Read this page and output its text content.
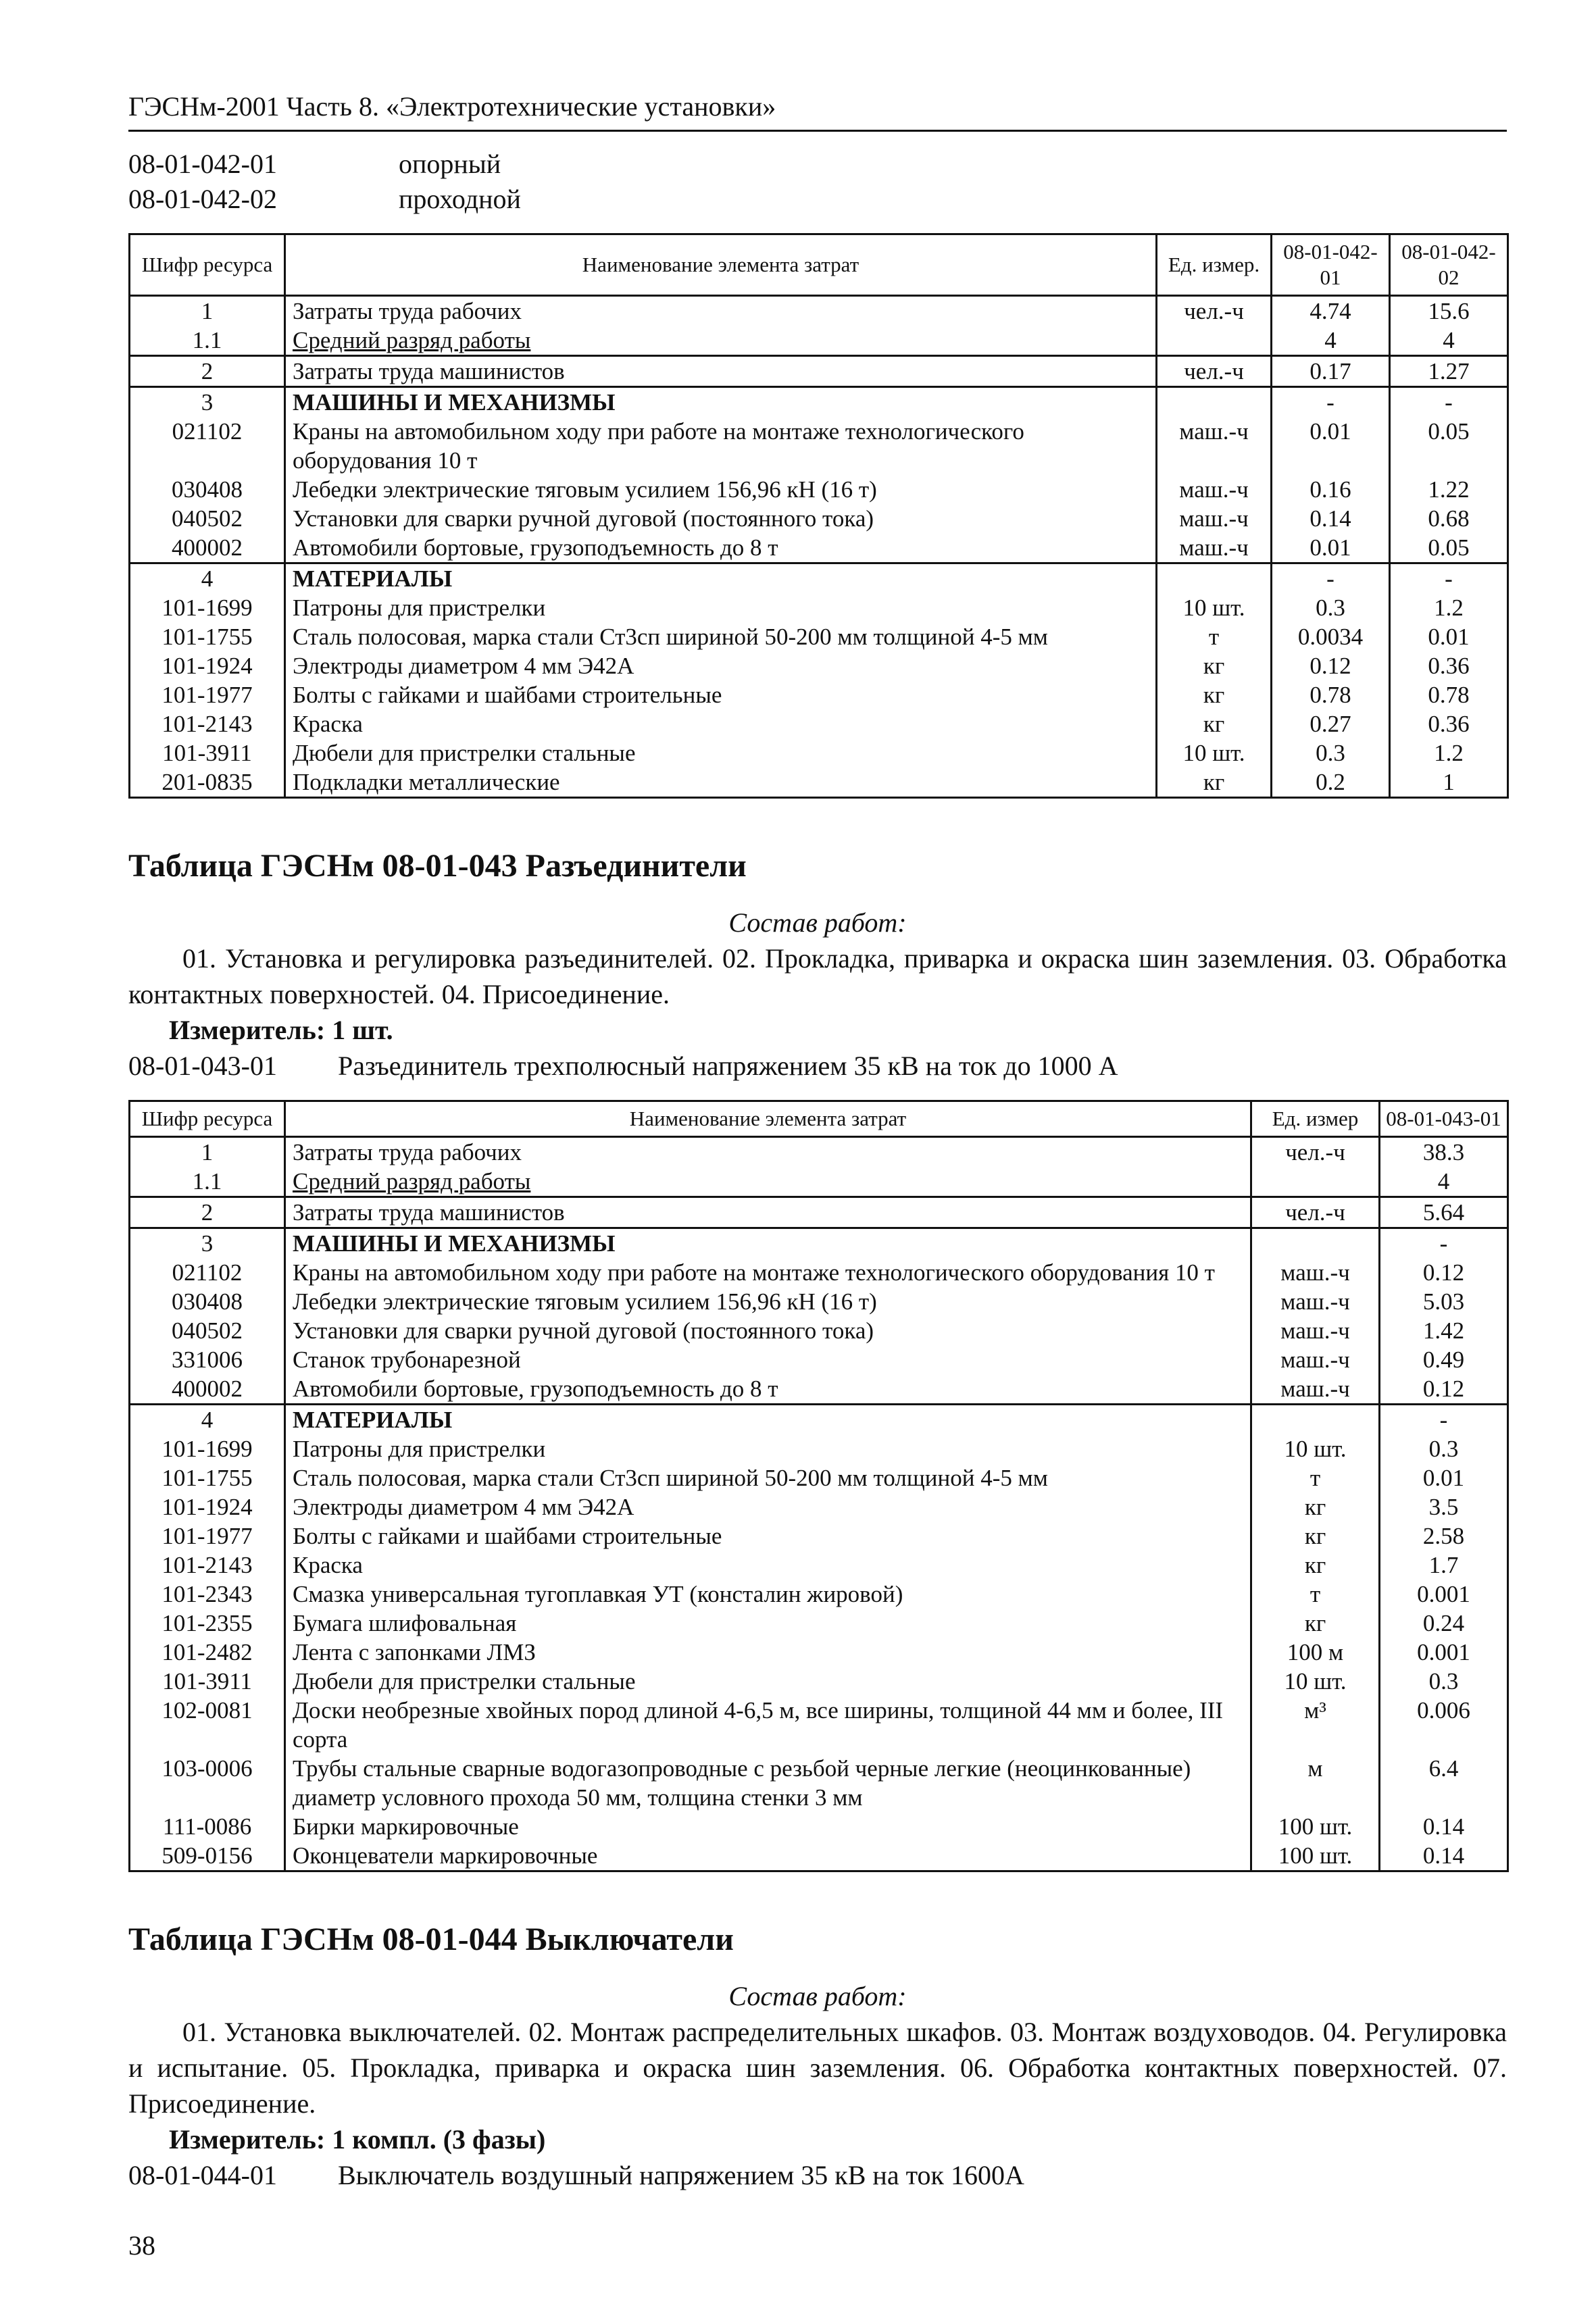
ГЭСНм-2001 Часть 8. «Электротехнические установки»
08-01-042-01	опорный
08-01-042-02	проходной
Шифр ресурса	Наименование элемента затрат	Ед. измер.	08-01-042-01	08-01-042-02
1	Затраты труда рабочих	чел.-ч	4.74	15.6
1.1	Средний разряд работы		4	4
2	Затраты труда машинистов	чел.-ч	0.17	1.27
3	МАШИНЫ И МЕХАНИЗМЫ		-	-
021102	Краны на автомобильном ходу при работе на монтаже технологического оборудования 10 т	маш.-ч	0.01	0.05
030408	Лебедки электрические тяговым усилием 156,96 кН (16 т)	маш.-ч	0.16	1.22
040502	Установки для сварки ручной дуговой (постоянного тока)	маш.-ч	0.14	0.68
400002	Автомобили бортовые, грузоподъемность до 8 т	маш.-ч	0.01	0.05
4	МАТЕРИАЛЫ		-	-
101-1699	Патроны для пристрелки	10 шт.	0.3	1.2
101-1755	Сталь полосовая, марка стали Ст3сп шириной 50-200 мм толщиной 4-5 мм	т	0.0034	0.01
101-1924	Электроды диаметром 4 мм Э42А	кг	0.12	0.36
101-1977	Болты с гайками и шайбами строительные	кг	0.78	0.78
101-2143	Краска	кг	0.27	0.36
101-3911	Дюбели для пристрелки стальные	10 шт.	0.3	1.2
201-0835	Подкладки металлические	кг	0.2	1
Таблица ГЭСНм 08-01-043 Разъединители
Состав работ:
01. Установка и регулировка разъединителей. 02. Прокладка, приварка и окраска шин заземления. 03. Обработка контактных поверхностей. 04. Присоединение.
Измеритель: 1 шт.
08-01-043-01	Разъединитель трехполюсный напряжением 35 кВ на ток до 1000 А
Шифр ресурса	Наименование элемента затрат	Ед. измер	08-01-043-01
1	Затраты труда рабочих	чел.-ч	38.3
1.1	Средний разряд работы		4
2	Затраты труда машинистов	чел.-ч	5.64
3	МАШИНЫ И МЕХАНИЗМЫ		-
021102	Краны на автомобильном ходу при работе на монтаже технологического оборудования 10 т	маш.-ч	0.12
030408	Лебедки электрические тяговым усилием 156,96 кН (16 т)	маш.-ч	5.03
040502	Установки для сварки ручной дуговой (постоянного тока)	маш.-ч	1.42
331006	Станок трубонарезной	маш.-ч	0.49
400002	Автомобили бортовые, грузоподъемность до 8 т	маш.-ч	0.12
4	МАТЕРИАЛЫ		-
101-1699	Патроны для пристрелки	10 шт.	0.3
101-1755	Сталь полосовая, марка стали Ст3сп шириной 50-200 мм толщиной 4-5 мм	т	0.01
101-1924	Электроды диаметром 4 мм Э42А	кг	3.5
101-1977	Болты с гайками и шайбами строительные	кг	2.58
101-2143	Краска	кг	1.7
101-2343	Смазка универсальная тугоплавкая УТ (консталин жировой)	т	0.001
101-2355	Бумага шлифовальная	кг	0.24
101-2482	Лента с запонками ЛМЗ	100 м	0.001
101-3911	Дюбели для пристрелки стальные	10 шт.	0.3
102-0081	Доски необрезные хвойных пород длиной 4-6,5 м, все ширины, толщиной 44 мм и более, III сорта	м³	0.006
103-0006	Трубы стальные сварные водогазопроводные с резьбой черные легкие (неоцинкованные) диаметр условного прохода 50 мм, толщина стенки 3 мм	м	6.4
111-0086	Бирки маркировочные	100 шт.	0.14
509-0156	Оконцеватели маркировочные	100 шт.	0.14
Таблица ГЭСНм 08-01-044 Выключатели
Состав работ:
01. Установка выключателей. 02. Монтаж распределительных шкафов. 03. Монтаж воздуховодов. 04. Регулировка и испытание. 05. Прокладка, приварка и окраска шин заземления. 06. Обработка контактных поверхностей. 07. Присоединение.
Измеритель: 1 компл. (3 фазы)
08-01-044-01	Выключатель воздушный напряжением 35 кВ на ток 1600А
38
